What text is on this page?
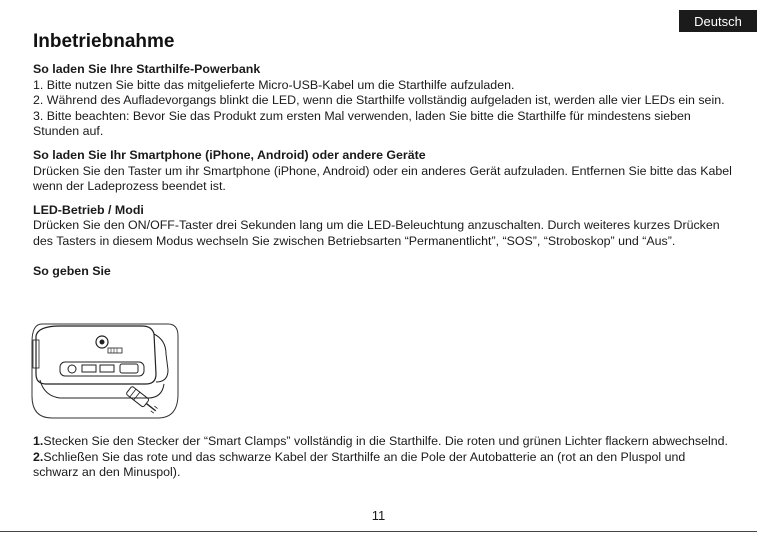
Deutsch
Inbetriebnahme
So laden Sie Ihre Starthilfe-Powerbank

1. Bitte nutzen Sie bitte das mitgelieferte Micro-USB-Kabel um die Starthilfe aufzuladen.

2. Während des Aufladevorgangs blinkt die LED, wenn die Starthilfe vollständig aufgeladen ist, werden alle vier LEDs ein sein.

3. Bitte beachten: Bevor Sie das Produkt zum ersten Mal verwenden, laden Sie bitte die Starthilfe für mindestens sieben Stunden auf.

So laden Sie Ihr Smartphone (iPhone, Android) oder andere Geräte

Drücken Sie den Taster um ihr Smartphone (iPhone, Android) oder ein anderes Gerät aufzuladen. Entfernen Sie bitte das Kabel wenn der Ladeprozess beendet ist.

LED-Betrieb / Modi

Drücken Sie den ON/OFF-Taster drei Sekunden lang um die LED-Beleuchtung anzuschalten. Durch weiteres kurzes Drücken des Tasters in diesem Modus wechseln Sie zwischen Betriebsarten “Permanentlicht”, “SOS”, “Stroboskop” und “Aus”.

So geben Sie

1.Stecken Sie den Stecker der “Smart Clamps” vollständig in die Starthilfe. Die roten und grünen Lichter flackern abwechselnd.

2.Schließen Sie das rote und das schwarze Kabel der Starthilfe an die Pole der Autobatterie an (rot an den Pluspol und schwarz an den Minuspol).

11
